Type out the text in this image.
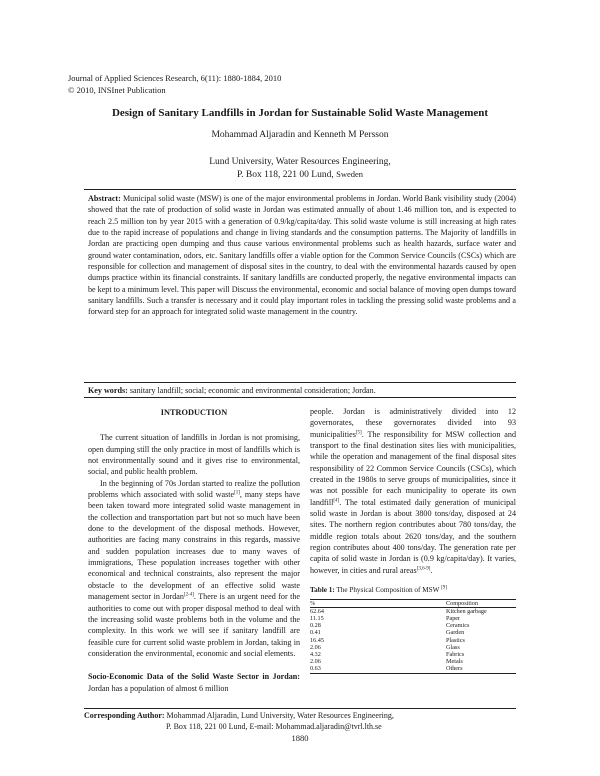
Journal of Applied Sciences Research, 6(11): 1880-1884, 2010
© 2010, INSInet Publication
Design of Sanitary Landfills in Jordan for Sustainable Solid Waste Management
Mohammad Aljaradin and Kenneth M Persson
Lund University, Water Resources Engineering,
P. Box 118, 221 00 Lund, Sweden
Abstract: Municipal solid waste (MSW) is one of the major environmental problems in Jordan. World Bank visibility study (2004) showed that the rate of production of solid waste in Jordan was estimated annually of about 1.46 million ton, and is expected to reach 2.5 million ton by year 2015 with a generation of 0.9/kg/capita/day. This solid waste volume is still increasing at high rates due to the rapid increase of populations and change in living standards and the consumption patterns. The Majority of landfills in Jordan are practicing open dumping and thus cause various environmental problems such as health hazards, surface water and ground water contamination, odors, etc. Sanitary landfills offer a viable option for the Common Service Councils (CSCs) which are responsible for collection and management of disposal sites in the country, to deal with the environmental hazards caused by open dumps practice within its financial constraints. If sanitary landfills are conducted properly, the negative environmental impacts can be kept to a minimum level. This paper will Discuss the environmental, economic and social balance of moving open dumps toward sanitary landfills. Such a transfer is necessary and it could play important roles in tackling the pressing solid waste problems and a forward step for an approach for integrated solid waste management in the country.
Key words: sanitary landfill; social; economic and environmental consideration; Jordan.
INTRODUCTION

The current situation of landfills in Jordan is not promising, open dumping still the only practice in most of landfills which is not environmentally sound and it gives rise to environmental, social, and public health problem.

In the beginning of 70s Jordan started to realize the pollution problems which associated with solid waste[1], many steps have been taken toward more integrated solid waste management in the collection and transportation part but not so much have been done to the development of the disposal methods. However, authorities are facing many constrains in this regards, massive and sudden population increases due to many waves of immigrations, These population increases together with other economical and technical constraints, also represent the major obstacle to the development of an effective solid waste management sector in Jordan[2-4]. There is an urgent need for the authorities to come out with proper disposal method to deal with the increasing solid waste problems both in the volume and the complexity. In this work we will see if sanitary landfill are feasible cure for current solid waste problem in Jordan, taking in consideration the environmental, economic and social elements.

Socio-Economic Data of the Solid Waste Sector in Jordan: Jordan has a population of almost 6 million

people. Jordan is administratively divided into 12 governorates, these governorates divided into 93 municipalities[5]. The responsibility for MSW collection and transport to the final destination sites lies with municipalities, while the operation and management of the final disposal sites responsibility of 22 Common Service Councils (CSCs), which created in the 1980s to serve groups of municipalities, since it was not possible for each municipality to operate its own landfill[4]. The total estimated daily generation of municipal solid waste in Jordan is about 3800 tons/day, disposed at 24 sites. The northern region contributes about 780 tons/day, the middle region totals about 2620 tons/day, and the southern region contributes about 400 tons/day. The generation rate per capita of solid waste in Jordan is (0.9 kg/capita/day). It varies, however, in cities and rural areas[3,6-9].

Table 1: The Physical Composition of MSW [9]
%	Composition
62.64	Kitchen garbage
11.15	Paper
0.28	Ceramics
0.41	Garden
16.45	Plastics
2.06	Glass
4.32	Fabrics
2.06	Metals
0.63	Others
Corresponding Author: Mohammad Aljaradin, Lund University, Water Resources Engineering,
P. Box 118, 221 00 Lund, E-mail: Mohammad.aljaradin@tvrl.lth.se
1880
